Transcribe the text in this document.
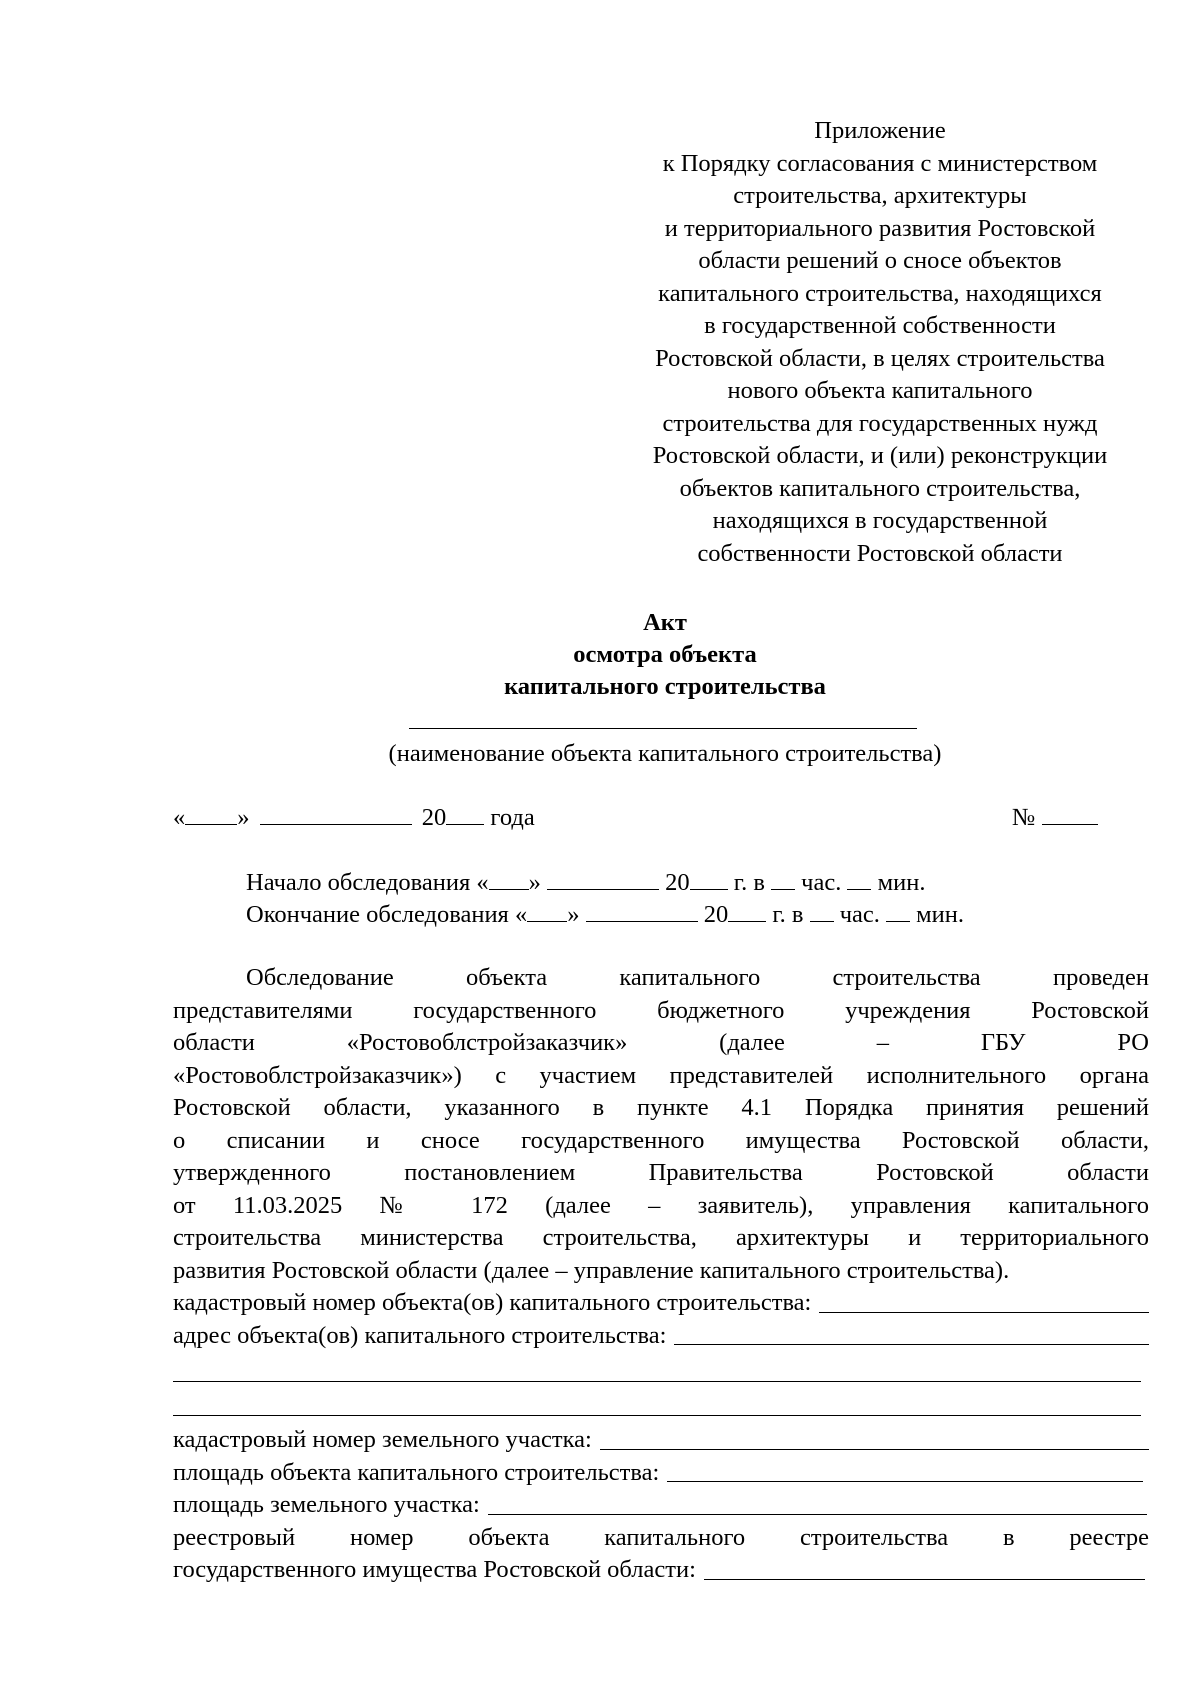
Приложение
к Порядку согласования с министерством
строительства, архитектуры
и территориального развития Ростовской
области решений о сносе объектов
капитального строительства, находящихся
в государственной собственности
Ростовской области, в целях строительства
нового объекта капитального
строительства для государственных нужд
Ростовской области, и (или) реконструкции
объектов капитального строительства,
находящихся в государственной
собственности Ростовской области
Акт
осмотра объекта
капитального строительства
(наименование объекта капитального строительства)
« »	20 года	№
Начало обследования « »	20 г. в час. мин.
Окончание обследования « »	20 г. в час. мин.
Обследование объекта капитального строительства проведен
представителями государственного бюджетного учреждения Ростовской
области «Ростовоблстройзаказчик» (далее – ГБУ РО
«Ростовоблстройзаказчик») с участием представителей исполнительного органа
Ростовской области, указанного в пункте 4.1 Порядка принятия решений
о списании и сносе государственного имущества Ростовской области,
утвержденного постановлением Правительства Ростовской области
от 11.03.2025 № 172 (далее – заявитель), управления капитального
строительства министерства строительства, архитектуры и территориального
развития Ростовской области (далее – управление капитального строительства).
кадастровый номер объекта(ов) капитального строительства:
адрес объекта(ов) капитального строительства:
кадастровый номер земельного участка:
площадь объекта капитального строительства:
площадь земельного участка:
реестровый номер объекта капитального строительства в реестре
государственного имущества Ростовской области:
